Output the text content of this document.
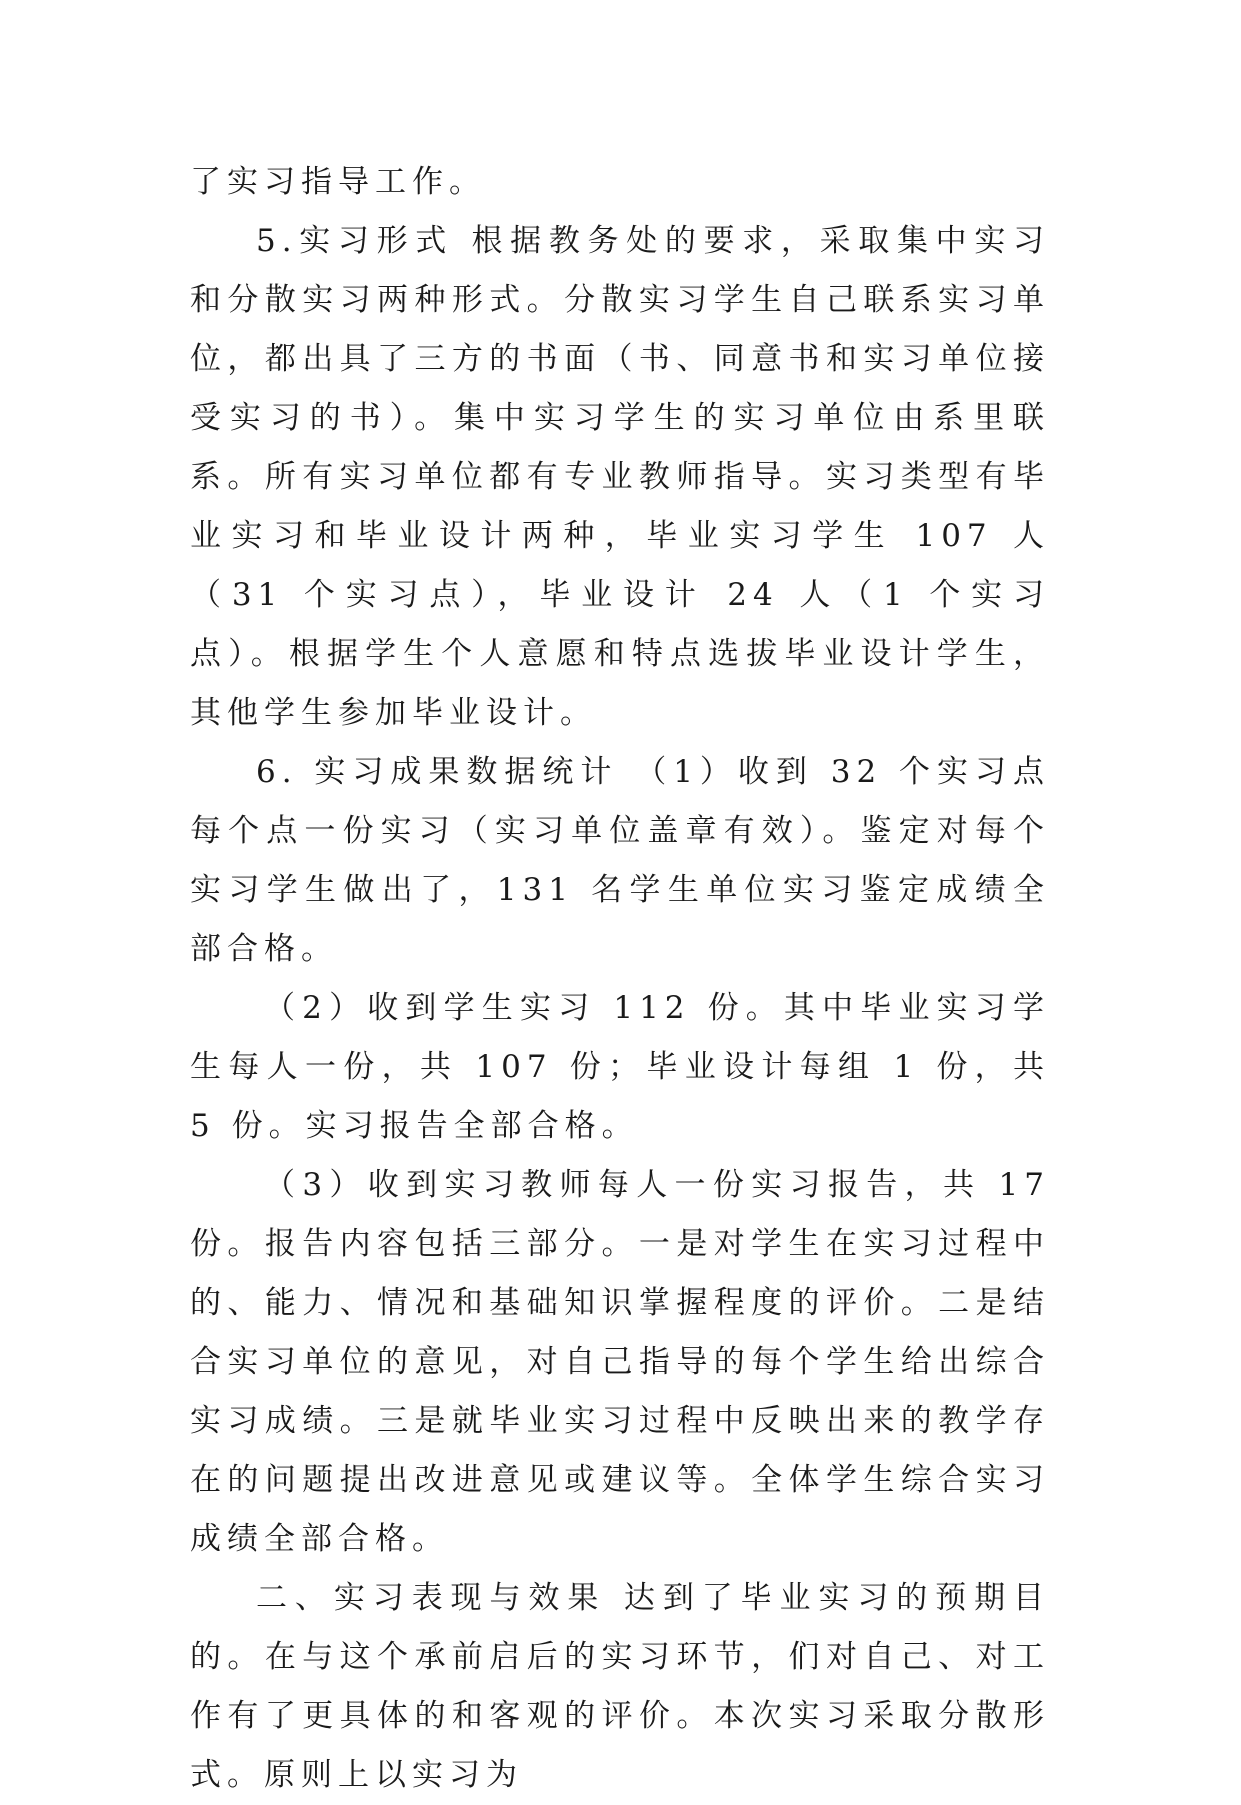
了实习指导工作。

5.实习形式 根据教务处的要求，采取集中实习和分散实习两种形式。分散实习学生自己联系实习单位，都出具了三方的书面（书、同意书和实习单位接受实习的书）。集中实习学生的实习单位由系里联系。所有实习单位都有专业教师指导。实习类型有毕业实习和毕业设计两种，毕业实习学生 107 人（31 个实习点），毕业设计 24 人（1 个实习点）。根据学生个人意愿和特点选拔毕业设计学生，其他学生参加毕业设计。

6. 实习成果数据统计 （1）收到 32 个实习点每个点一份实习（实习单位盖章有效）。鉴定对每个实习学生做出了，131 名学生单位实习鉴定成绩全部合格。

（2）收到学生实习 112 份。其中毕业实习学生每人一份，共 107 份；毕业设计每组 1 份，共 5 份。实习报告全部合格。

（3）收到实习教师每人一份实习报告，共 17 份。报告内容包括三部分。一是对学生在实习过程中的、能力、情况和基础知识掌握程度的评价。二是结合实习单位的意见，对自己指导的每个学生给出综合实习成绩。三是就毕业实习过程中反映出来的教学存在的问题提出改进意见或建议等。全体学生综合实习成绩全部合格。

二、实习表现与效果 达到了毕业实习的预期目的。在与这个承前启后的实习环节，们对自己、对工作有了更具体的和客观的评价。本次实习采取分散形式。原则上以实习为
